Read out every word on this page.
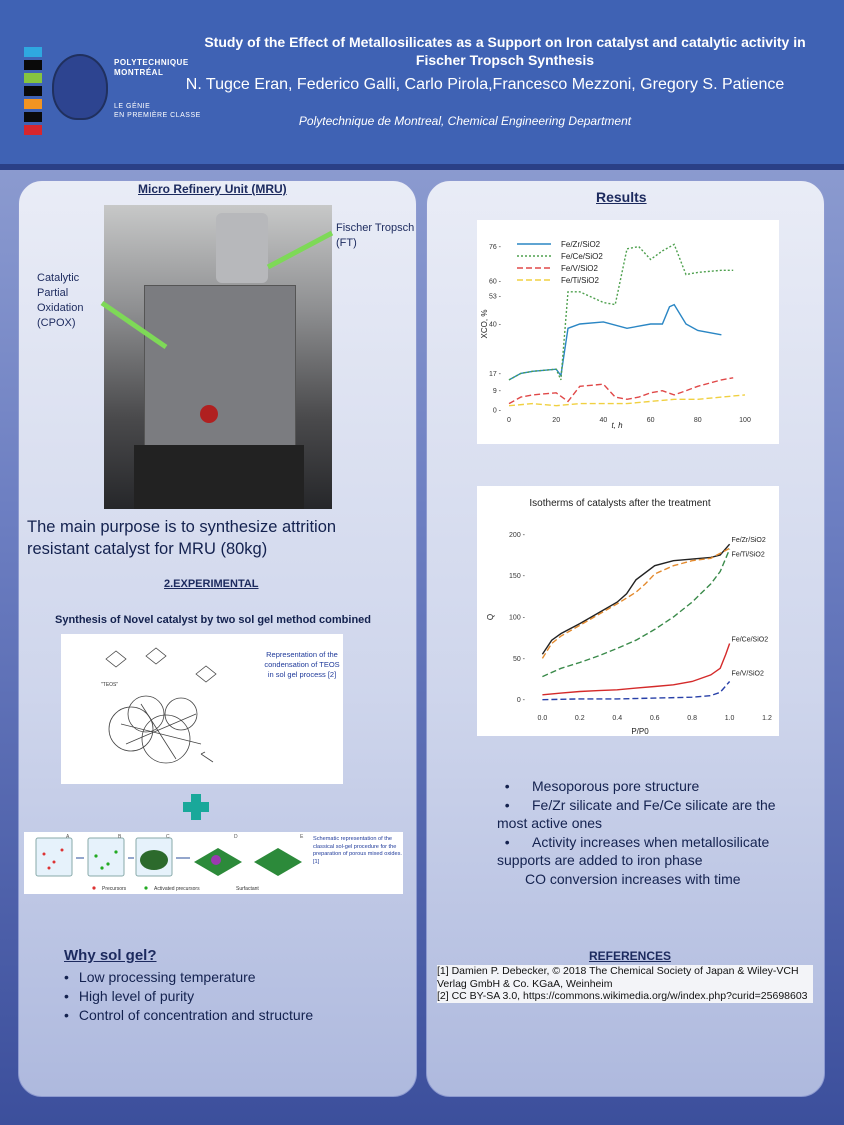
POLYTECHNIQUE
MONTRÉAL
LE GÉNIE
EN PREMIÈRE CLASSE
Study of the Effect of Metallosilicates as a Support on Iron catalyst and catalytic activity in Fischer Tropsch Synthesis
N. Tugce Eran, Federico Galli, Carlo Pirola,Francesco Mezzoni, Gregory S. Patience
Polytechnique de Montreal, Chemical Engineering Department
Micro Refinery Unit (MRU)
Fischer Tropsch (FT)
Catalytic Partial Oxidation (CPOX)
The main purpose is to synthesize attrition resistant catalyst for MRU (80kg)
2.EXPERIMENTAL
Synthesis of Novel catalyst by two sol gel method combined
"TEOS"
Representation of the condensation of TEOS in sol gel process [2]
A	B	C	D	E
Precursors	Activated precursors	Surfactant
Schematic representation of the classical sol-gel procedure for the preparation of porous mixed oxides. [1]
Why sol gel?
• Low processing temperature
• High level of purity
• Control of concentration and structure
Results
0	20	40	60	80	100
0 -
9 -
17 -
40 -
53 -
60 -
76 -
t, h
XCO, %
Fe/Zr/SiO2
Fe/Ce/SiO2
Fe/V/SiO2
Fe/Ti/SiO2
Isotherms of catalysts after the treatment
0.0	0.2	0.4	0.6	0.8	1.0	1.2
0 -
50 -
100 -
150 -
200 -
P/P0
Q
Fe/Zr/SiO2
Fe/Ti/SiO2
Fe/Ce/SiO2
Fe/V/SiO2
• Mesoporous pore structure
• Fe/Zr silicate and Fe/Ce silicate are the most active ones
• Activity increases when metallosilicate supports are added to iron phase
CO conversion increases with time
REFERENCES
[1] Damien P. Debecker, © 2018 The Chemical Society of Japan & Wiley-VCH Verlag GmbH & Co. KGaA, Weinheim
[2] CC BY-SA 3.0, https://commons.wikimedia.org/w/index.php?curid=25698603
